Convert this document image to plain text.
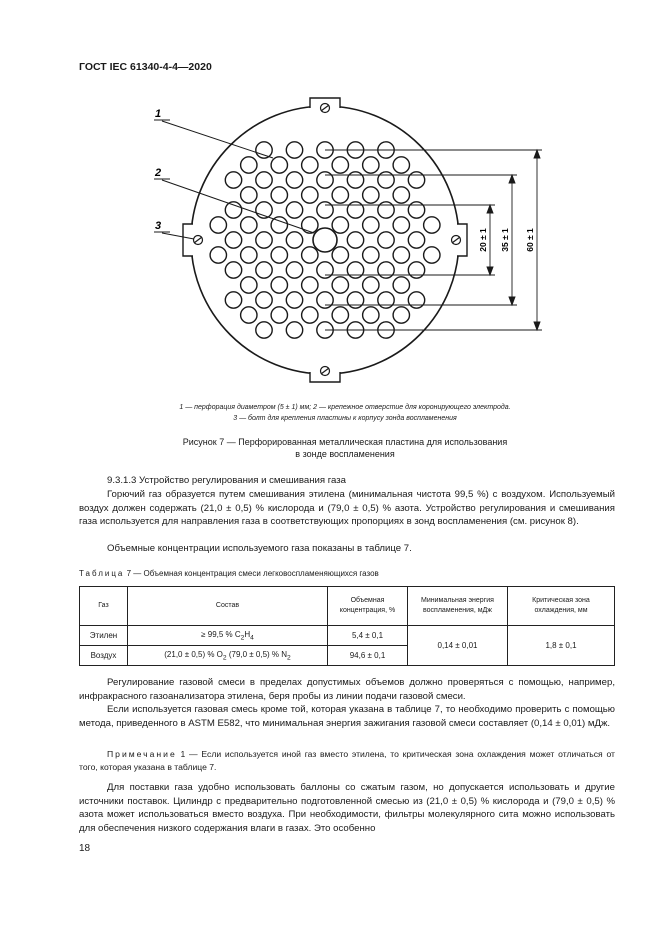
ГОСТ IEC 61340-4-4—2020
1
2
3
20 ± 1 35 ± 1 60 ± 1
1 — перфорация диаметром (5 ± 1) мм; 2 — крепежное отверстие для коронирующего электрода.
3 — болт для крепления пластины к корпусу зонда воспламенения
Рисунок 7 — Перфорированная металлическая пластина для использования
в зонде воспламенения
9.3.1.3 Устройство регулирования и смешивания газа
Горючий газ образуется путем смешивания этилена (минимальная чистота 99,5 %) с воздухом. Используемый воздух должен содержать (21,0 ± 0,5) % кислорода и (79,0 ± 0,5) % азота. Устройство регулирования и смешивания газа используется для направления газа в соответствующих пропорциях в зонд воспламенения (см. рисунок 8).
Объемные концентрации используемого газа показаны в таблице 7.
Таблица 7 — Объемная концентрация смеси легковоспламеняющихся газов
Газ	Состав	Объемная концентрация, %	Минимальная энергия воспламенения, мДж	Критическая зона охлаждения, мм
Этилен	≥ 99,5 % $C_2H_4$	5,4 ± 0,1	0,14 ± 0,01	1,8 ± 0,1
Воздух	(21,0 ± 0,5) % $O_2$ (79,0 ± 0,5) % $N_2$	94,6 ± 0,1		
Регулирование газовой смеси в пределах допустимых объемов должно проверяться с помощью, например, инфракрасного газоанализатора этилена, беря пробы из линии подачи газовой смеси.
Если используется газовая смесь кроме той, которая указана в таблице 7, то необходимо проверить с помощью метода, приведенного в ASTM E582, что минимальная энергия зажигания газовой смеси составляет (0,14 ± 0,01) мДж.
Примечание 1 — Если используется иной газ вместо этилена, то критическая зона охлаждения может отличаться от того, которая указана в таблице 7.
Для поставки газа удобно использовать баллоны со сжатым газом, но допускается использовать и другие источники поставок. Цилиндр с предварительно подготовленной смесью из (21,0 ± 0,5) % кислорода и (79,0 ± 0,5) % азота может использоваться вместо воздуха. При необходимости, фильтры молекулярного сита можно использовать для обеспечения низкого содержания влаги в газах. Это особенно
18
